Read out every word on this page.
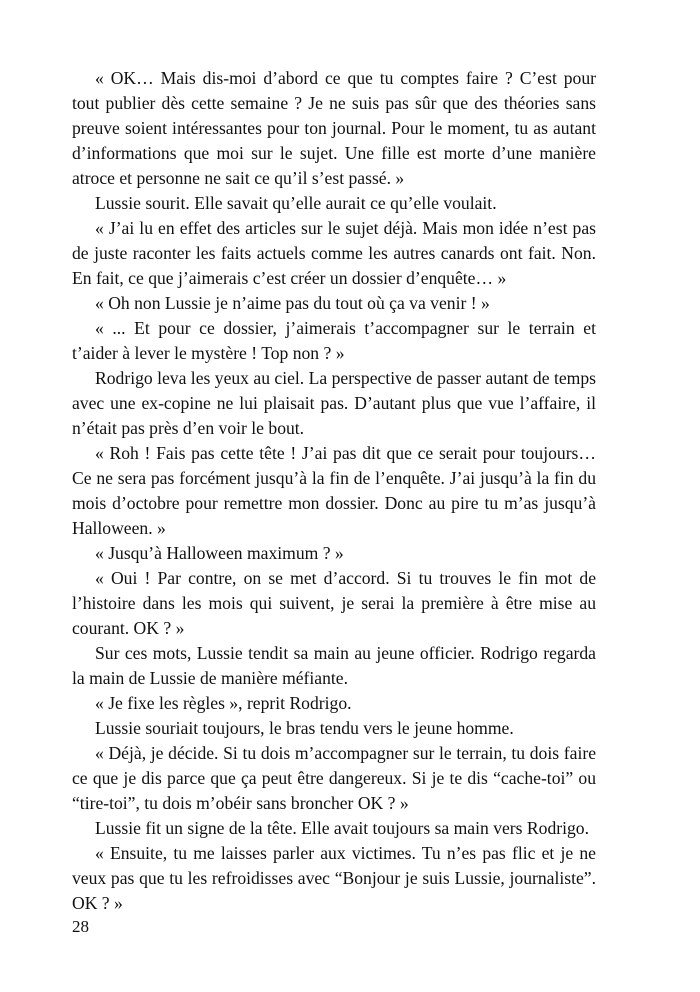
« OK… Mais dis-moi d’abord ce que tu comptes faire ? C’est pour tout publier dès cette semaine ? Je ne suis pas sûr que des théories sans preuve soient intéressantes pour ton journal. Pour le moment, tu as autant d’informations que moi sur le sujet. Une fille est morte d’une manière atroce et personne ne sait ce qu’il s’est passé. »

Lussie sourit. Elle savait qu’elle aurait ce qu’elle voulait.

« J’ai lu en effet des articles sur le sujet déjà. Mais mon idée n’est pas de juste raconter les faits actuels comme les autres canards ont fait. Non. En fait, ce que j’aimerais c’est créer un dossier d’enquête… »

« Oh non Lussie je n’aime pas du tout où ça va venir ! »

« ... Et pour ce dossier, j’aimerais t’accompagner sur le terrain et t’aider à lever le mystère ! Top non ? »

Rodrigo leva les yeux au ciel. La perspective de passer autant de temps avec une ex-copine ne lui plaisait pas. D’autant plus que vue l’affaire, il n’était pas près d’en voir le bout.

« Roh ! Fais pas cette tête ! J’ai pas dit que ce serait pour toujours… Ce ne sera pas forcément jusqu’à la fin de l’enquête. J’ai jusqu’à la fin du mois d’octobre pour remettre mon dossier. Donc au pire tu m’as jusqu’à Halloween. »

« Jusqu’à Halloween maximum ? »

« Oui ! Par contre, on se met d’accord. Si tu trouves le fin mot de l’histoire dans les mois qui suivent, je serai la première à être mise au courant. OK ? »

Sur ces mots, Lussie tendit sa main au jeune officier. Rodrigo regarda la main de Lussie de manière méfiante.

« Je fixe les règles », reprit Rodrigo.

Lussie souriait toujours, le bras tendu vers le jeune homme.

« Déjà, je décide. Si tu dois m’accompagner sur le terrain, tu dois faire ce que je dis parce que ça peut être dangereux. Si je te dis “cache-toi” ou “tire-toi”, tu dois m’obéir sans broncher OK ? »

Lussie fit un signe de la tête. Elle avait toujours sa main vers Rodrigo.

« Ensuite, tu me laisses parler aux victimes. Tu n’es pas flic et je ne veux pas que tu les refroidisses avec “Bonjour je suis Lussie, journaliste”. OK ? »

28
